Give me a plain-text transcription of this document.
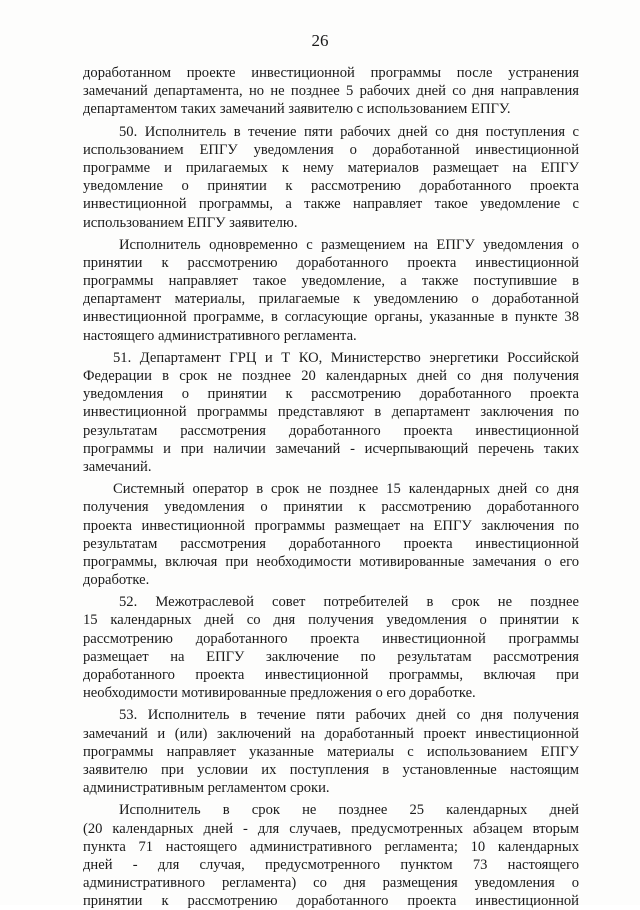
26
доработанном проекте инвестиционной программы после устранения
замечаний департамента, но не позднее 5 рабочих дней со дня направления
департаментом таких замечаний заявителю с использованием ЕПГУ.
50. Исполнитель в течение пяти рабочих дней со дня поступления с
использованием ЕПГУ уведомления о доработанной инвестиционной
программе и прилагаемых к нему материалов размещает на ЕПГУ
уведомление о принятии к рассмотрению доработанного проекта
инвестиционной программы, а также направляет такое уведомление с
использованием ЕПГУ заявителю.
Исполнитель одновременно с размещением на ЕПГУ уведомления о
принятии к рассмотрению доработанного проекта инвестиционной
программы направляет такое уведомление, а также поступившие в
департамент материалы, прилагаемые к уведомлению о доработанной
инвестиционной программе, в согласующие органы, указанные в пункте 38
настоящего административного регламента.
51. Департамент ГРЦ и Т КО, Министерство энергетики Российской
Федерации в срок не позднее 20 календарных дней со дня получения
уведомления о принятии к рассмотрению доработанного проекта
инвестиционной программы представляют в департамент заключения по
результатам рассмотрения доработанного проекта инвестиционной
программы и при наличии замечаний - исчерпывающий перечень таких
замечаний.
Системный оператор в срок не позднее 15 календарных дней со дня
получения уведомления о принятии к рассмотрению доработанного
проекта инвестиционной программы размещает на ЕПГУ заключения по
результатам рассмотрения доработанного проекта инвестиционной
программы, включая при необходимости мотивированные замечания о его
доработке.
52. Межотраслевой совет потребителей в срок не позднее
15 календарных дней со дня получения уведомления о принятии к
рассмотрению доработанного проекта инвестиционной программы
размещает на ЕПГУ заключение по результатам рассмотрения
доработанного проекта инвестиционной программы, включая при
необходимости мотивированные предложения о его доработке.
53. Исполнитель в течение пяти рабочих дней со дня получения
замечаний и (или) заключений на доработанный проект инвестиционной
программы направляет указанные материалы с использованием ЕПГУ
заявителю при условии их поступления в установленные настоящим
административным регламентом сроки.
Исполнитель в срок не позднее 25 календарных дней
(20 календарных дней - для случаев, предусмотренных абзацем вторым
пункта 71 настоящего административного регламента; 10 календарных
дней - для случая, предусмотренного пунктом 73 настоящего
административного регламента) со дня размещения уведомления о
принятии к рассмотрению доработанного проекта инвестиционной
